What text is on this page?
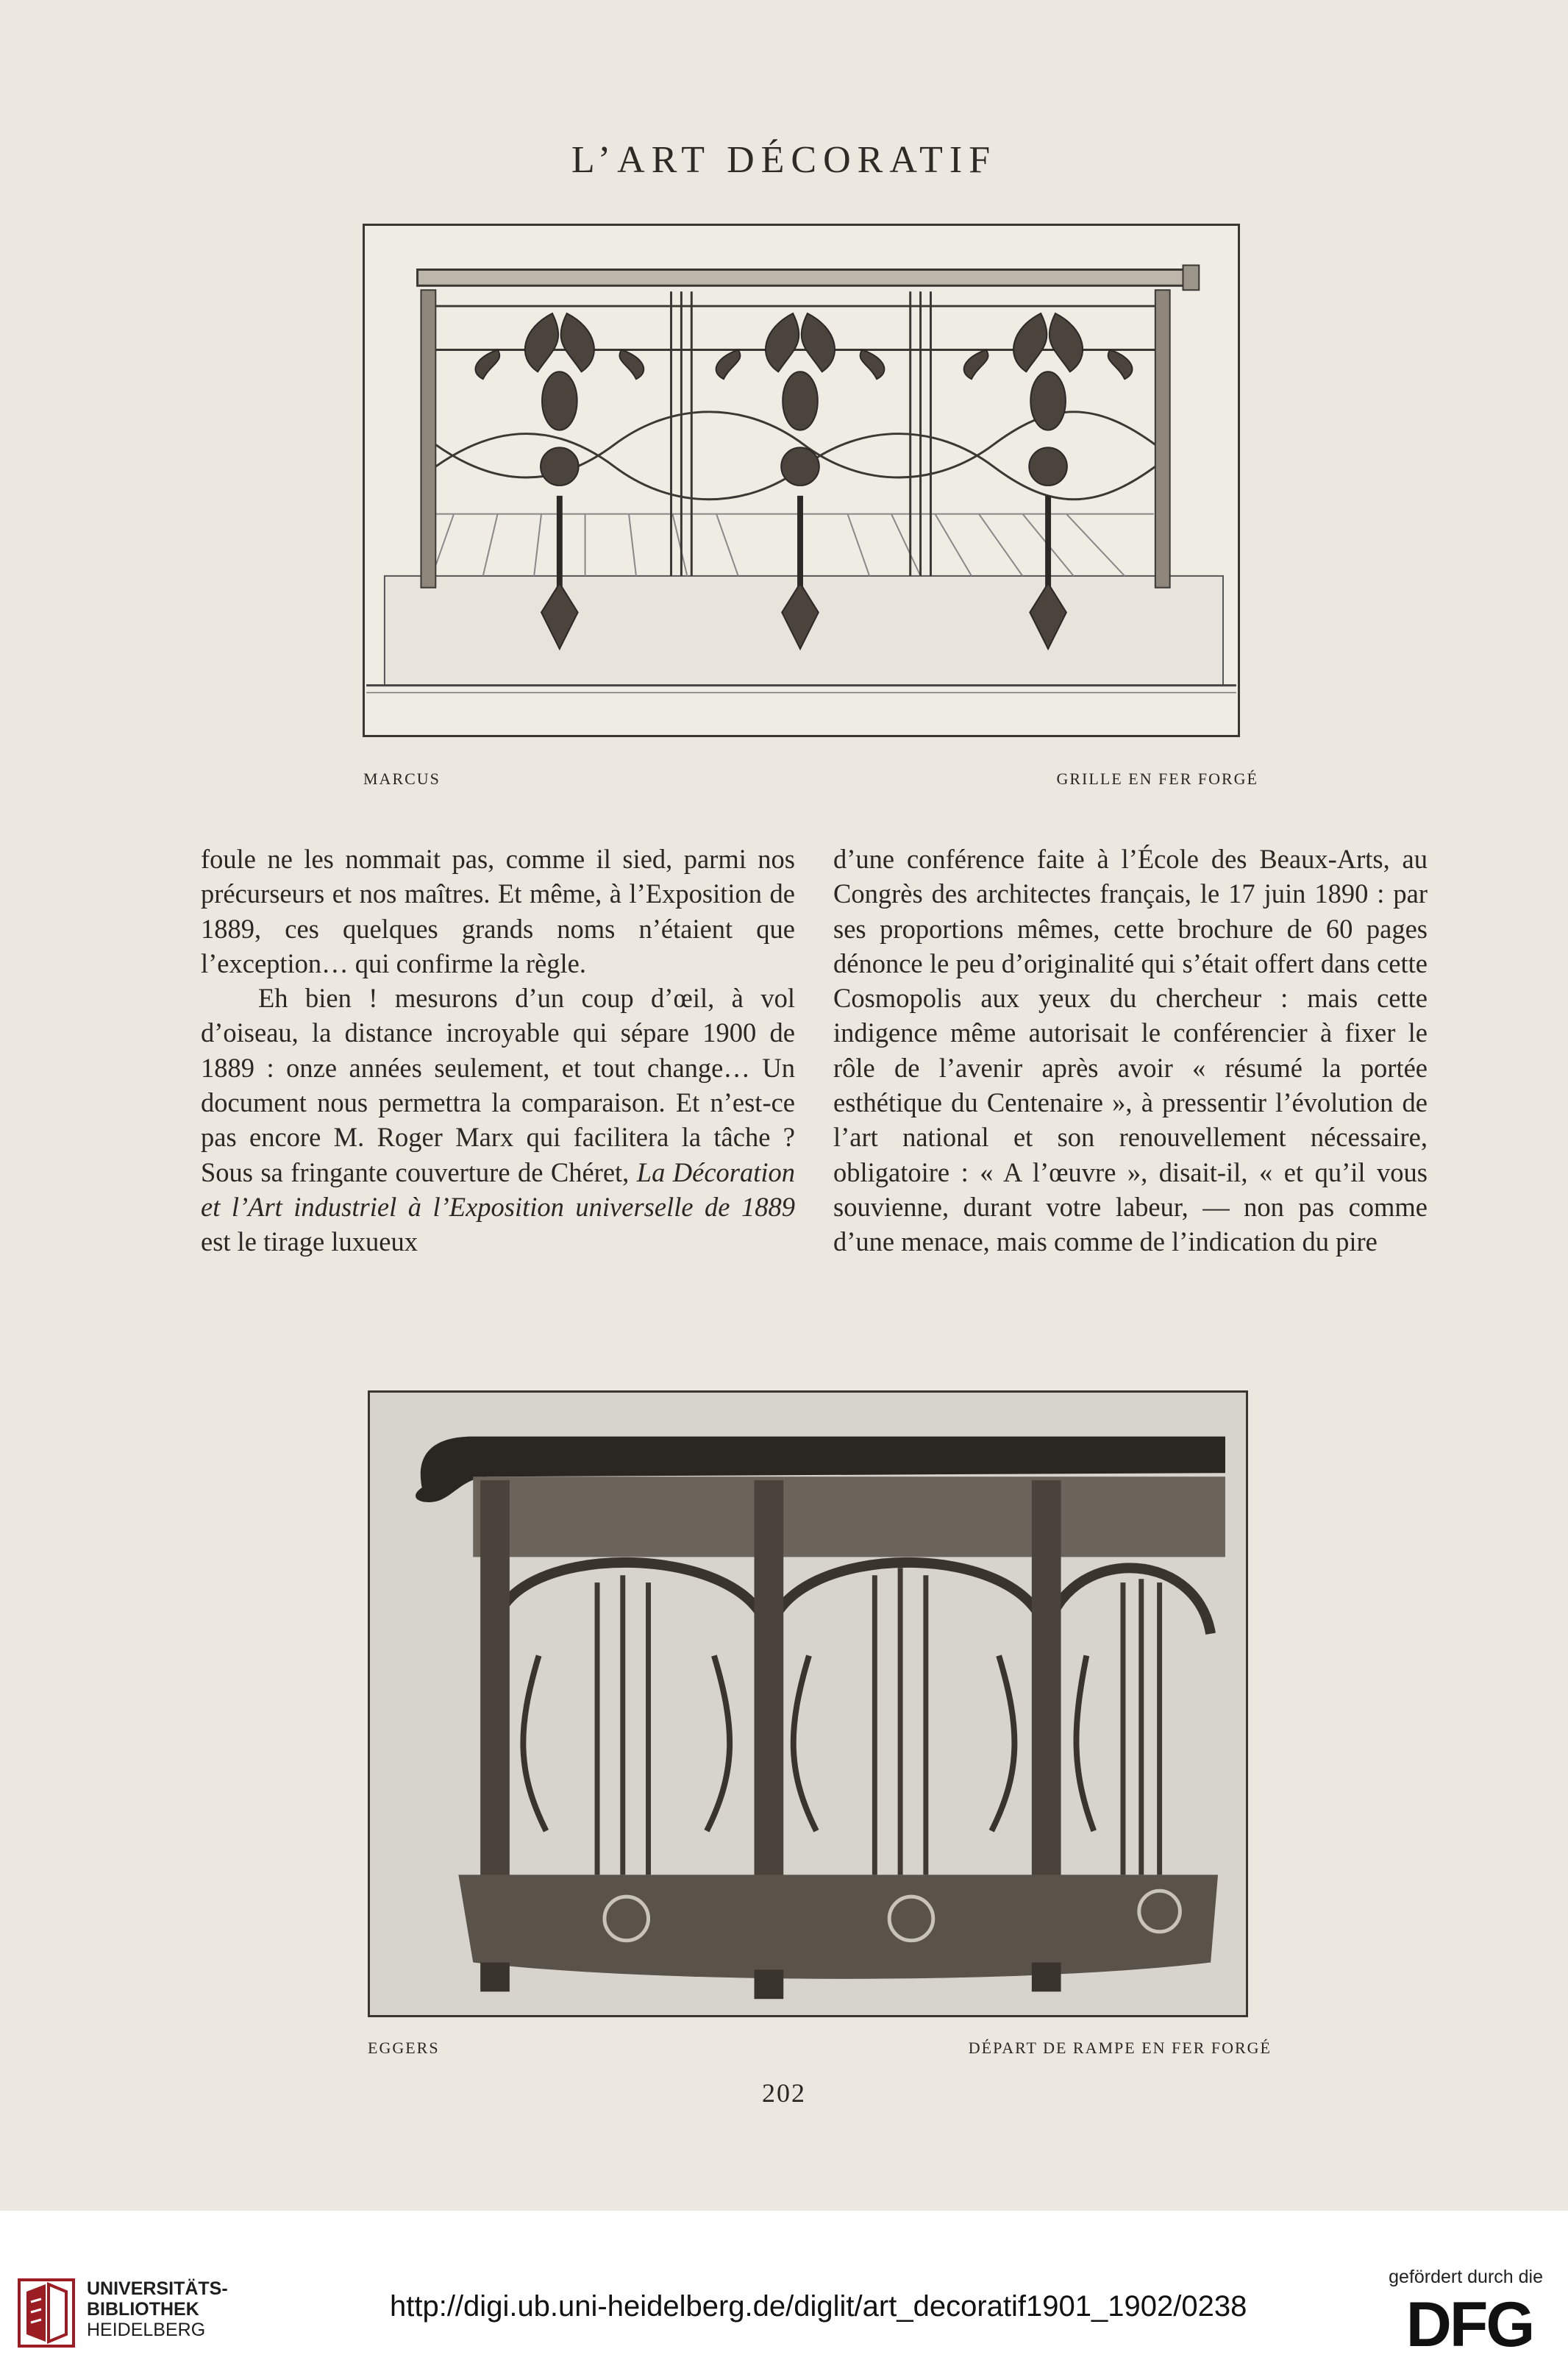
L’ART DÉCORATIF
MARCUS	GRILLE EN FER FORGÉ

foule ne les nommait pas, comme il sied, parmi nos précurseurs et nos maîtres. Et même, à l’Exposition de 1889, ces quelques grands noms n’étaient que l’exception… qui confirme la règle.

Eh bien ! mesurons d’un coup d’œil, à vol d’oiseau, la distance incroyable qui sépare 1900 de 1889 : onze années seulement, et tout change… Un document nous permettra la comparaison. Et n’est-ce pas encore M. Roger Marx qui facilitera la tâche ? Sous sa fringante couverture de Chéret, La Décoration et l’Art industriel à l’Exposition universelle de 1889 est le tirage luxueux

d’une conférence faite à l’École des Beaux-Arts, au Congrès des architectes français, le 17 juin 1890 : par ses proportions mêmes, cette brochure de 60 pages dénonce le peu d’originalité qui s’était offert dans cette Cosmopolis aux yeux du chercheur : mais cette indigence même autorisait le conférencier à fixer le rôle de l’avenir après avoir « résumé la portée esthétique du Centenaire », à pressentir l’évolution de l’art national et son renouvellement nécessaire, obligatoire : « A l’œuvre », disait-il, « et qu’il vous souvienne, durant votre labeur, — non pas comme d’une menace, mais comme de l’indication du pire

EGGERS	DÉPART DE RAMPE EN FER FORGÉ
202
UNIVERSITÄTS-
BIBLIOTHEK
HEIDELBERG
http://digi.ub.uni-heidelberg.de/diglit/art_decoratif1901_1902/0238
gefördert durch die
DFG
